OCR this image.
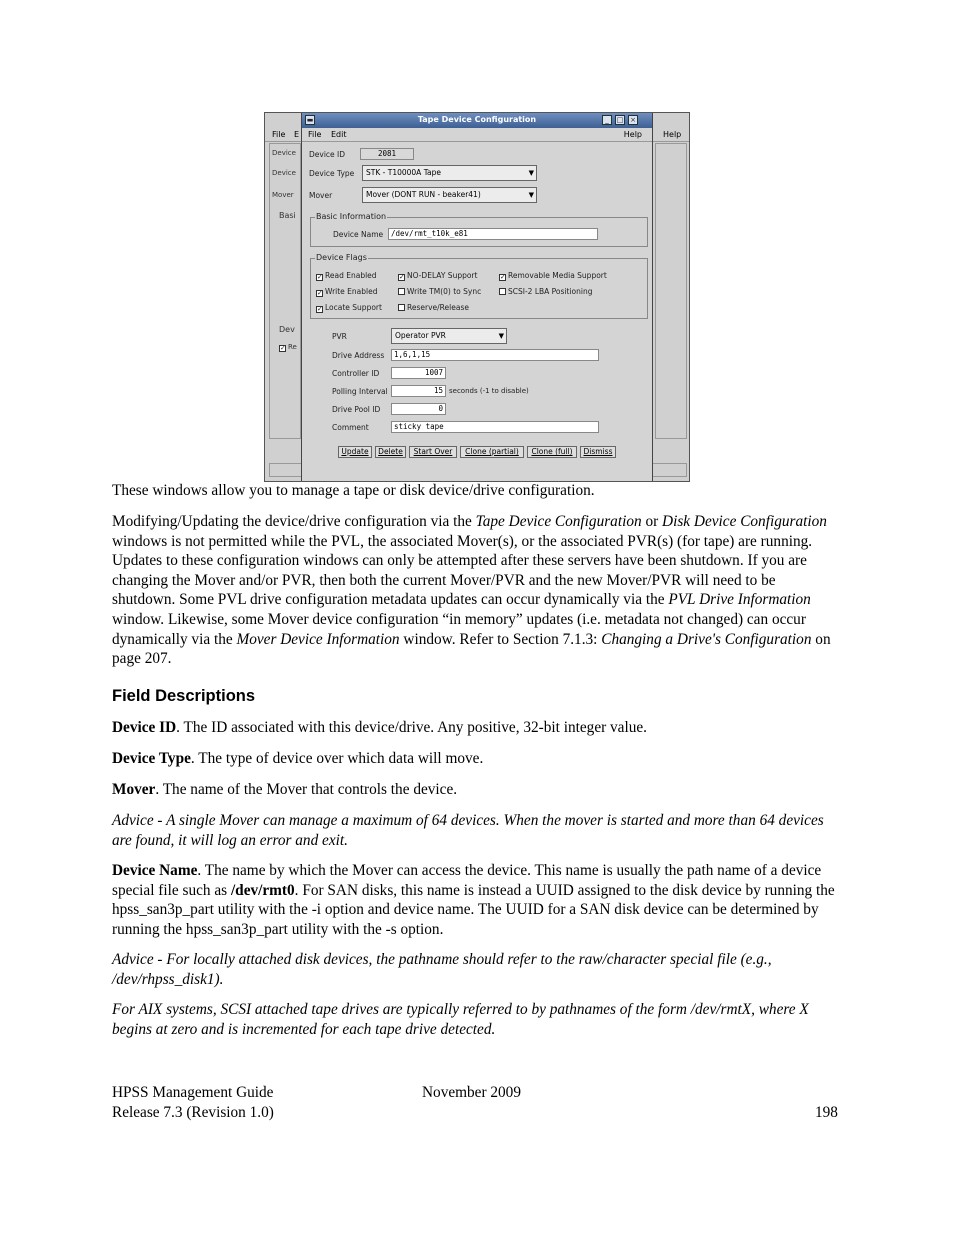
File E	Help
Device
Device
Mover
Basi
Dev
✓ Re
▬	Tape Device Configuration	_	□ ×
File Edit	Help
Device ID	2081
Device Type	STK - T10000A Tape	▼
Mover	Mover (DONT RUN - beaker41)	▼
Basic Information
Device Name	/dev/rmt_t10k_e81
Device Flags
✓ Read Enabled	✓ NO-DELAY Support	✓ Removable Media Support
✓ Write Enabled	Write TM(0) to Sync	SCSI-2 LBA Positioning
✓ Locate Support	Reserve/Release
PVR	Operator PVR	▼
Drive Address	1,6,1,15
Controller ID	1007
Polling Interval	15 seconds (-1 to disable)
Drive Pool ID	0
Comment	sticky tape
Update	Delete	Start Over	Clone (partial)	Clone (full)	Dismiss

These windows allow you to manage a tape or disk device/drive configuration.

Modifying/Updating the device/drive configuration via the Tape Device Configuration or Disk Device Configuration windows is not permitted while the PVL, the associated Mover(s), or the associated PVR(s) (for tape) are running. Updates to these configuration windows can only be attempted after these servers have been shutdown. If you are changing the Mover and/or PVR, then both the current Mover/PVR and the new Mover/PVR will need to be shutdown. Some PVL drive configuration metadata updates can occur dynamically via the PVL Drive Information window. Likewise, some Mover device configuration “in memory” updates (i.e. metadata not changed) can occur dynamically via the Mover Device Information window. Refer to Section 7.1.3: Changing a Drive's Configuration on page 207.

Field Descriptions

Device ID. The ID associated with this device/drive. Any positive, 32-bit integer value.

Device Type. The type of device over which data will move.

Mover. The name of the Mover that controls the device.

Advice - A single Mover can manage a maximum of 64 devices. When the mover is started and more than 64 devices are found, it will log an error and exit.

Device Name. The name by which the Mover can access the device. This name is usually the path name of a device special file such as /dev/rmt0. For SAN disks, this name is instead a UUID assigned to the disk device by running the hpss_san3p_part utility with the -i option and device name. The UUID for a SAN disk device can be determined by running the hpss_san3p_part utility with the -s option.

Advice - For locally attached disk devices, the pathname should refer to the raw/character special file (e.g., /dev/rhpss_disk1).

For AIX systems, SCSI attached tape drives are typically referred to by pathnames of the form /dev/rmtX, where X begins at zero and is incremented for each tape drive detected.

HPSS Management Guide	November 2009
Release 7.3 (Revision 1.0)	198
